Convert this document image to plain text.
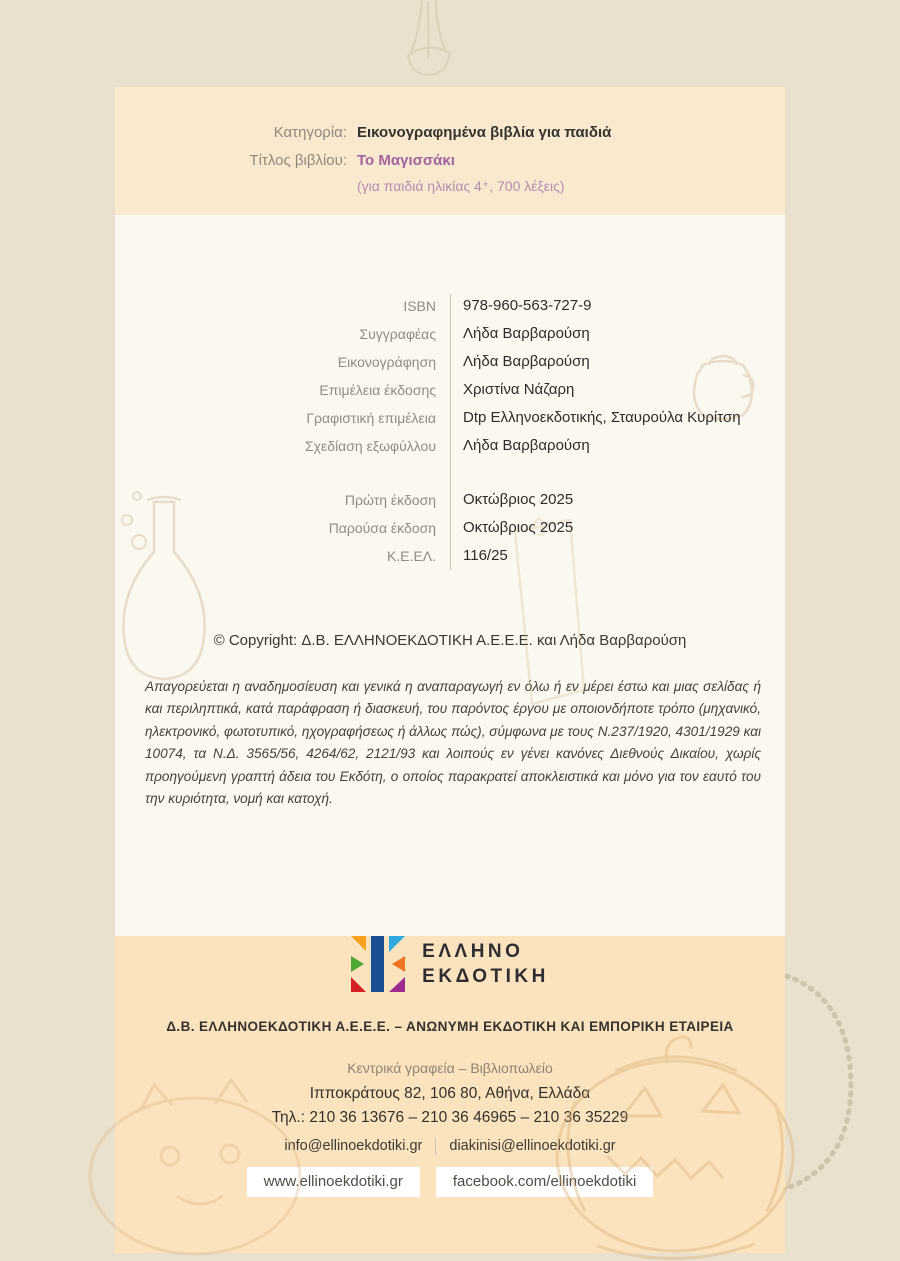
Κατηγορία: Εικονογραφημένα βιβλία για παιδιά
Τίτλος βιβλίου: Το Μαγισσάκι
(για παιδιά ηλικίας 4⁺, 700 λέξεις)
ISBN	978-960-563-727-9
Συγγραφέας	Λήδα Βαρβαρούση
Εικονογράφηση	Λήδα Βαρβαρούση
Επιμέλεια έκδοσης	Χριστίνα Νάζαρη
Γραφιστική επιμέλεια	Dtp Ελληνοεκδοτικής, Σταυρούλα Κυρίτση
Σχεδίαση εξωφύλλου	Λήδα Βαρβαρούση
Πρώτη έκδοση	Οκτώβριος 2025
Παρούσα έκδοση	Οκτώβριος 2025
Κ.Ε.ΕΛ.	116/25
© Copyright: Δ.Β. ΕΛΛΗΝΟΕΚΔΟΤΙΚΗ Α.Ε.Ε.Ε. και Λήδα Βαρβαρούση
Απαγορεύεται η αναδημοσίευση και γενικά η αναπαραγωγή εν όλω ή εν μέρει έστω και μιας σελίδας ή και περιληπτικά, κατά παράφραση ή διασκευή, του παρόντος έργου με οποιονδήποτε τρόπο (μηχανικό, ηλεκτρονικό, φωτοτυπικό, ηχογραφήσεως ή άλλως πώς), σύμφωνα με τους Ν.237/1920, 4301/1929 και 10074, τα Ν.Δ. 3565/56, 4264/62, 2121/93 και λοιπούς εν γένει κανόνες Διεθνούς Δικαίου, χωρίς προηγούμενη γραπτή άδεια του Εκδότη, ο οποίος παρακρατεί αποκλειστικά και μόνο για τον εαυτό του την κυριότητα, νομή και κατοχή.
ΕΛΛΗΝΟ
ΕΚΔΟΤΙΚΗ
Δ.Β. ΕΛΛΗΝΟΕΚΔΟΤΙΚΗ Α.Ε.Ε.Ε. – ΑΝΩΝΥΜΗ ΕΚΔΟΤΙΚΗ ΚΑΙ ΕΜΠΟΡΙΚΗ ΕΤΑΙΡΕΙΑ
Κεντρικά γραφεία – Βιβλιοπωλείο
Ιπποκράτους 82, 106 80, Αθήνα, Ελλάδα
Τηλ.: 210 36 13676 – 210 36 46965 – 210 36 35229
info@ellinoekdotiki.gr diakinisi@ellinoekdotiki.gr
www.ellinoekdotiki.gr	facebook.com/ellinoekdotiki
